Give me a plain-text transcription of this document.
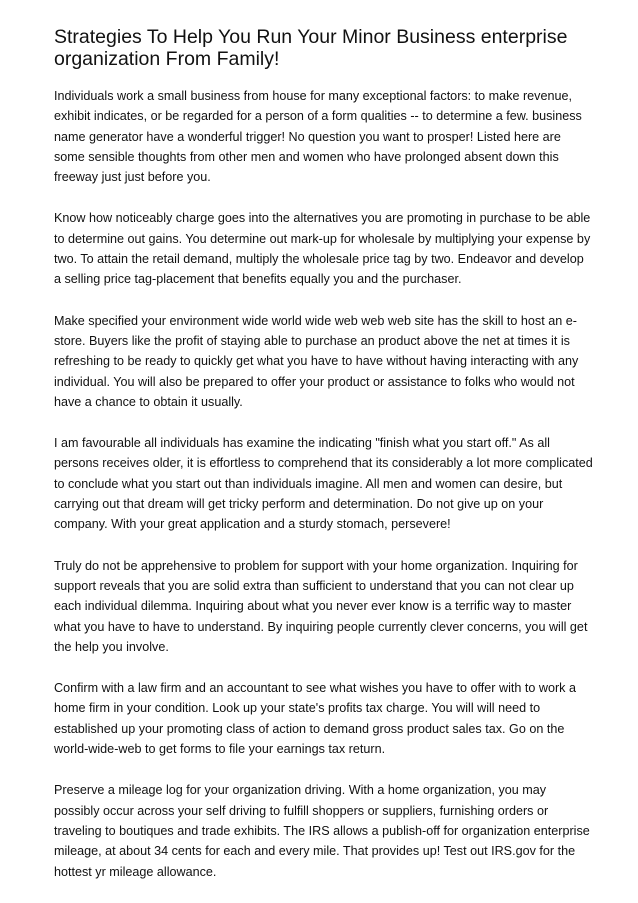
Strategies To Help You Run Your Minor Business enterprise organization From Family!

Individuals work a small business from house for many exceptional factors: to make revenue, exhibit indicates, or be regarded for a person of a form qualities -- to determine a few. business name generator have a wonderful trigger! No question you want to prosper! Listed here are some sensible thoughts from other men and women who have prolonged absent down this freeway just just before you.

Know how noticeably charge goes into the alternatives you are promoting in purchase to be able to determine out gains. You determine out mark-up for wholesale by multiplying your expense by two. To attain the retail demand, multiply the wholesale price tag by two. Endeavor and develop a selling price tag-placement that benefits equally you and the purchaser.

Make specified your environment wide world wide web web web site has the skill to host an e-store. Buyers like the profit of staying able to purchase an product above the net at times it is refreshing to be ready to quickly get what you have to have without having interacting with any individual. You will also be prepared to offer your product or assistance to folks who would not have a chance to obtain it usually.

I am favourable all individuals has examine the indicating "finish what you start off." As all persons receives older, it is effortless to comprehend that its considerably a lot more complicated to conclude what you start out than individuals imagine. All men and women can desire, but carrying out that dream will get tricky perform and determination. Do not give up on your company. With your great application and a sturdy stomach, persevere!

Truly do not be apprehensive to problem for support with your home organization. Inquiring for support reveals that you are solid extra than sufficient to understand that you can not clear up each individual dilemma. Inquiring about what you never ever know is a terrific way to master what you have to have to understand. By inquiring people currently clever concerns, you will get the help you involve.

Confirm with a law firm and an accountant to see what wishes you have to offer with to work a home firm in your condition. Look up your state's profits tax charge. You will will need to established up your promoting class of action to demand gross product sales tax. Go on the world-wide-web to get forms to file your earnings tax return.

Preserve a mileage log for your organization driving. With a home organization, you may possibly occur across your self driving to fulfill shoppers or suppliers, furnishing orders or traveling to boutiques and trade exhibits. The IRS allows a publish-off for organization enterprise mileage, at about 34 cents for each and every mile. That provides up! Test out IRS.gov for the hottest yr mileage allowance.
